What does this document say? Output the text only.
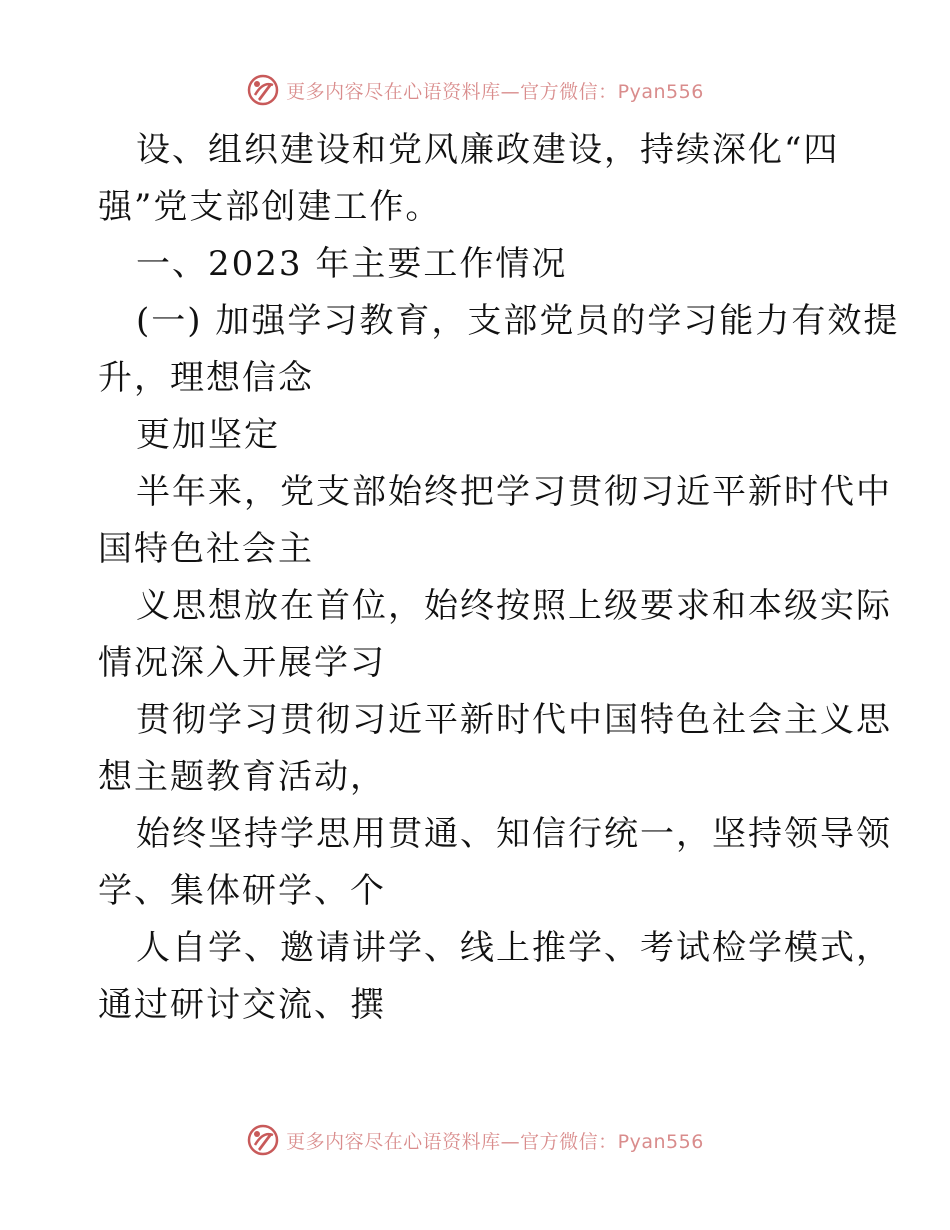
更多内容尽在心语资料库—官方微信：Pyan556
设、组织建设和党风廉政建设，持续深化“四
强”党支部创建工作。
一、2023 年主要工作情况
(一) 加强学习教育，支部党员的学习能力有效提
升，理想信念
更加坚定
半年来，党支部始终把学习贯彻习近平新时代中
国特色社会主
义思想放在首位，始终按照上级要求和本级实际
情况深入开展学习
贯彻学习贯彻习近平新时代中国特色社会主义思
想主题教育活动，
始终坚持学思用贯通、知信行统一，坚持领导领
学、集体研学、个
人自学、邀请讲学、线上推学、考试检学模式，
通过研讨交流、撰
更多内容尽在心语资料库—官方微信：Pyan556
